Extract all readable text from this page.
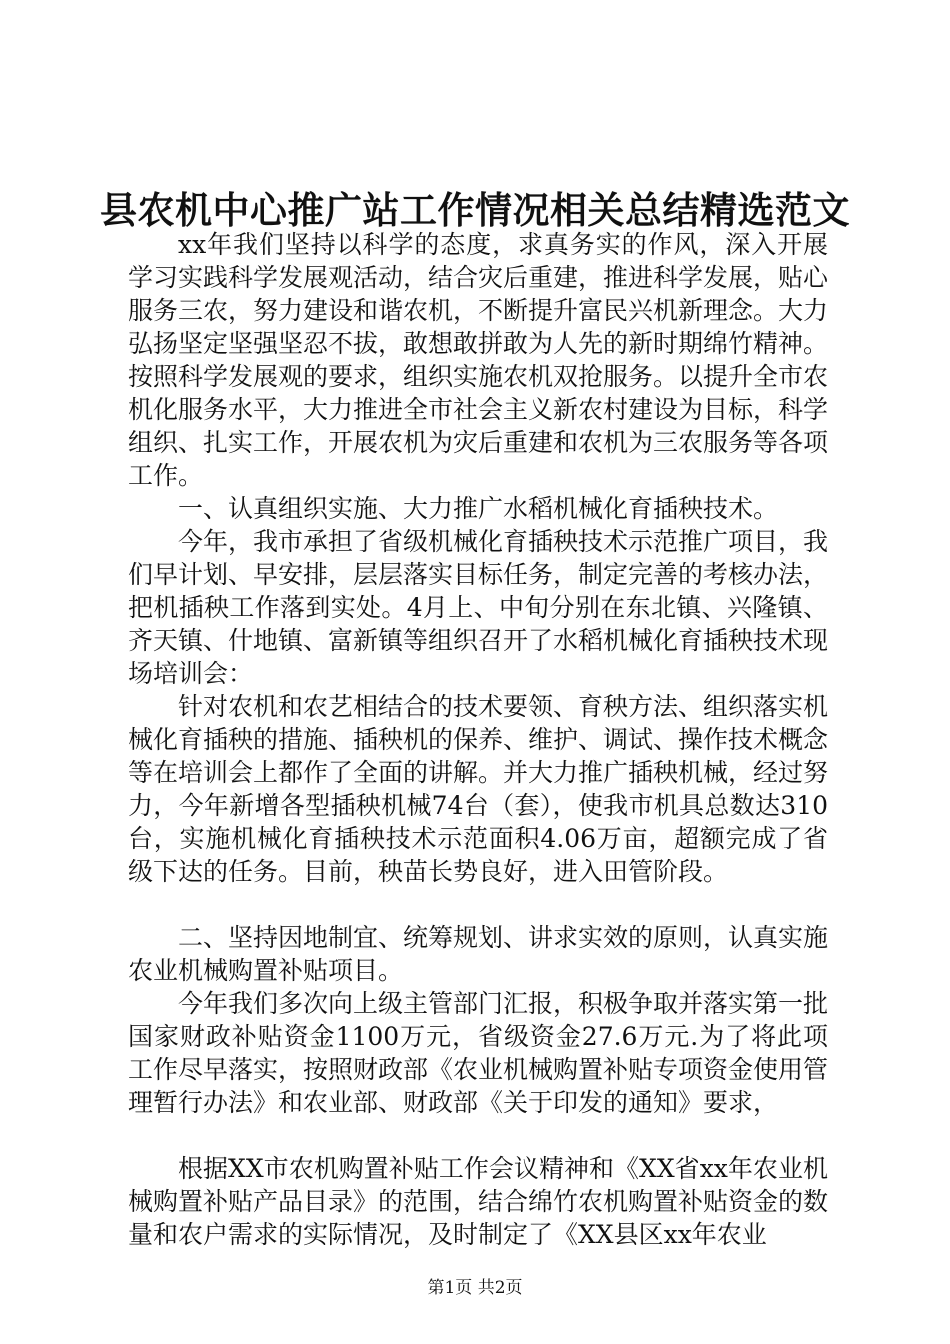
县农机中心推广站工作情况相关总结精选范文

xx年我们坚持以科学的态度，求真务实的作风，深入开展学习实践科学发展观活动，结合灾后重建，推进科学发展，贴心服务三农，努力建设和谐农机，不断提升富民兴机新理念。大力弘扬坚定坚强坚忍不拔，敢想敢拼敢为人先的新时期绵竹精神。按照科学发展观的要求，组织实施农机双抢服务。以提升全市农机化服务水平，大力推进全市社会主义新农村建设为目标，科学组织、扎实工作，开展农机为灾后重建和农机为三农服务等各项工作。

一、认真组织实施、大力推广水稻机械化育插秧技术。

今年，我市承担了省级机械化育插秧技术示范推广项目，我们早计划、早安排，层层落实目标任务，制定完善的考核办法，把机插秧工作落到实处。4月上、中旬分别在东北镇、兴隆镇、齐天镇、什地镇、富新镇等组织召开了水稻机械化育插秧技术现场培训会：

针对农机和农艺相结合的技术要领、育秧方法、组织落实机械化育插秧的措施、插秧机的保养、维护、调试、操作技术概念等在培训会上都作了全面的讲解。并大力推广插秧机械，经过努力，今年新增各型插秧机械74台（套），使我市机具总数达310台，实施机械化育插秧技术示范面积4.06万亩，超额完成了省级下达的任务。目前，秧苗长势良好，进入田管阶段。

二、坚持因地制宜、统筹规划、讲求实效的原则，认真实施农业机械购置补贴项目。

今年我们多次向上级主管部门汇报，积极争取并落实第一批国家财政补贴资金1100万元，省级资金27.6万元.为了将此项工作尽早落实，按照财政部《农业机械购置补贴专项资金使用管理暂行办法》和农业部、财政部《关于印发的通知》要求，

根据XX市农机购置补贴工作会议精神和《XX省xx年农业机械购置补贴产品目录》的范围，结合绵竹农机购置补贴资金的数量和农户需求的实际情况，及时制定了《XX县区xx年农业

第1页 共2页
